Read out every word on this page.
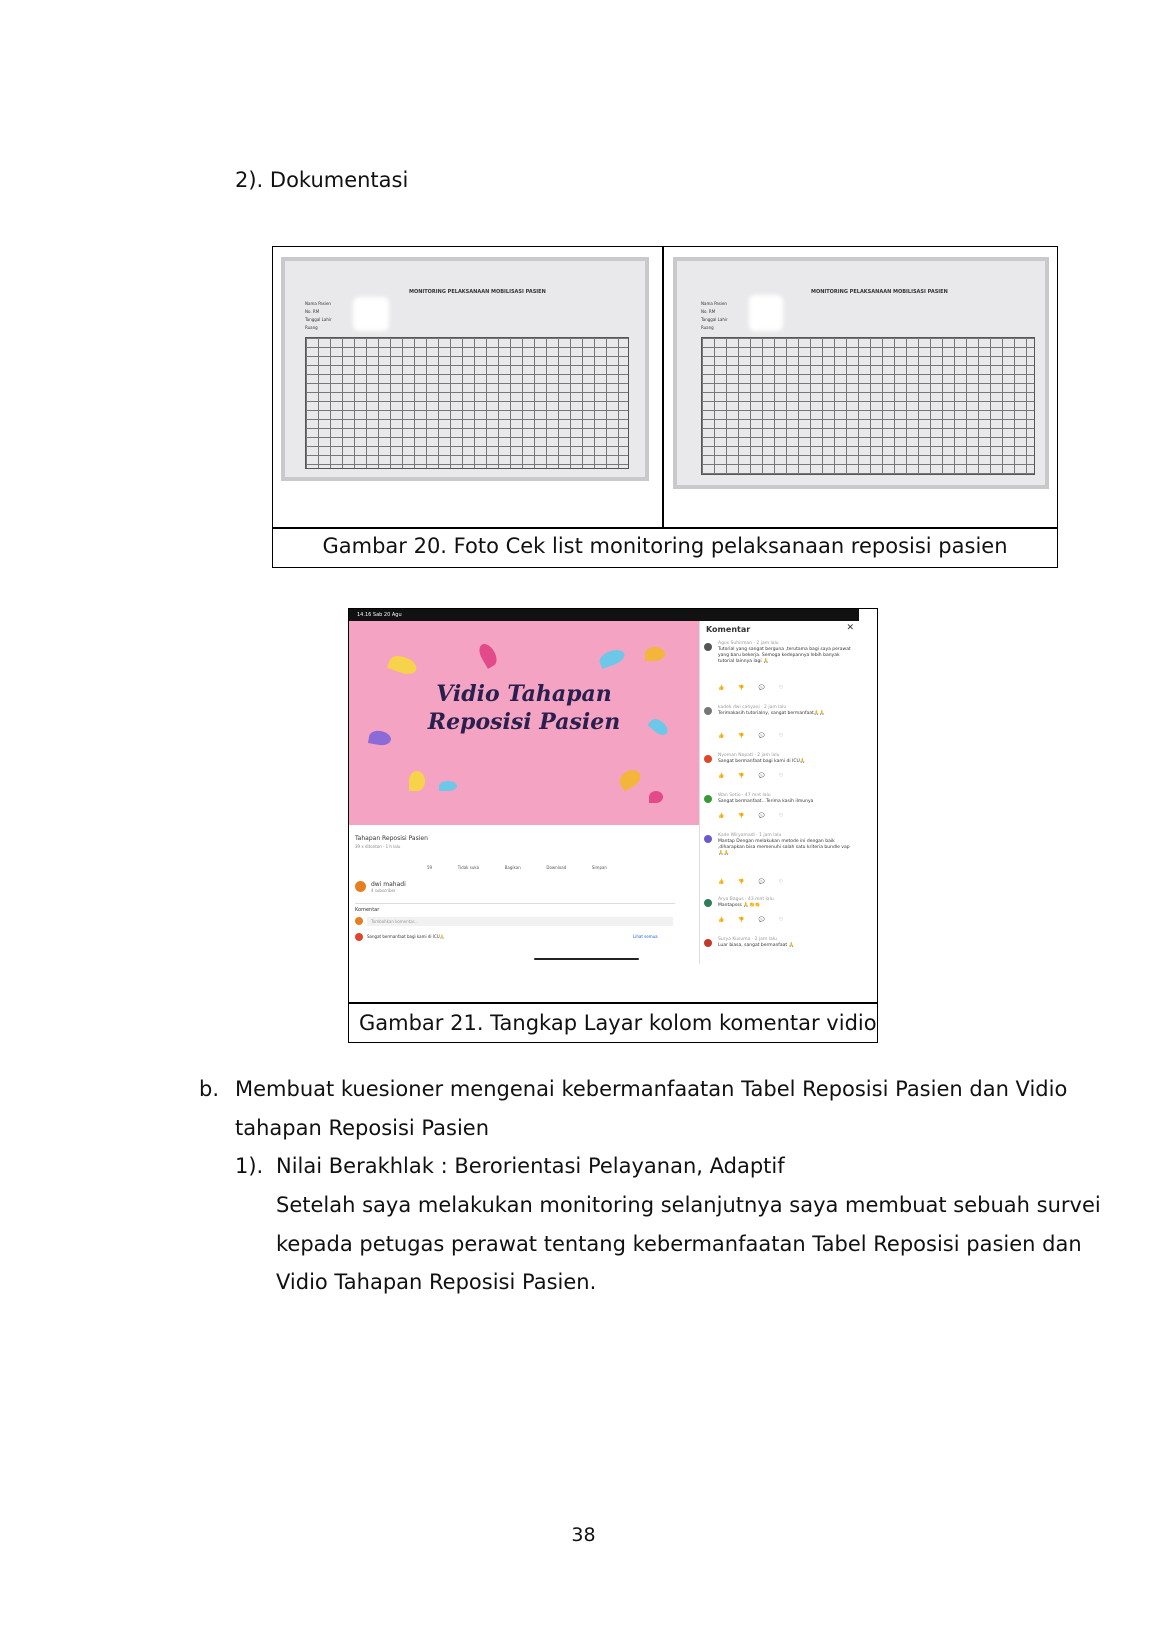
2). Dokumentasi
MONITORING PELAKSANAAN MOBILISASI PASIEN
Nama Pasien
No. RM
Tanggal Lahir
Ruang
MONITORING PELAKSANAAN MOBILISASI PASIEN
Nama Pasien
No. RM
Tanggal Lahir
Ruang
Gambar 20. Foto Cek list monitoring pelaksanaan reposisi pasien
14.16 Sab 20 Agu
Vidio Tahapan
Reposisi Pasien
Tahapan Reposisi Pasien
39 x ditonton · 1 h lalu
59	Tidak suka	Bagikan	Download	Simpan
dwi mahadi
4 subscriber
Komentar
Tambahkan komentar...
Sangat bermanfaat bagi kami di ICU🙏	Lihat semua
Komentar	✕
Agus Suhirman · 2 jam lalu
Tutorial yang sangat berguna ,terutama bagi saya perawat yang baru bekerja. Semoga kedepannya lebih banyak tutorial lainnya lagi 🙏
👍👎💬♡
kadek dwi cahyani · 2 jam lalu
Terimakasih tutorialny, sangat bermanfaat🙏🙏
👍👎💬♡
Nyoman Nopati · 2 jam lalu
Sangat bermanfaat bagi kami di ICU🙏
👍👎💬♡
Wan Setio · 47 mnt lalu
Sangat bermanfaat...Terima kasih ilmunya
👍👎💬♡
Kade Wiryamadi · 1 jam lalu
Mantap Dengan melakukan metode ini dengan baik ,diharapkan bisa memenuhi salah satu kriteria bundle vap🙏🙏
👍👎💬♡
Arya Bagus · 43 mnt lalu
Mantapsss 🙏👏👏
👍👎💬♡
Surya Kusuma · 2 jam lalu
Luar biasa, sangat bermanfaat 🙏
Gambar 21. Tangkap Layar kolom komentar vidio
b. Membuat kuesioner mengenai kebermanfaatan Tabel Reposisi Pasien dan Vidio
tahapan Reposisi Pasien
1). Nilai Berakhlak : Berorientasi Pelayanan, Adaptif
Setelah saya melakukan monitoring selanjutnya saya membuat sebuah survei
kepada petugas perawat tentang kebermanfaatan Tabel Reposisi pasien dan
Vidio Tahapan Reposisi Pasien.
38
